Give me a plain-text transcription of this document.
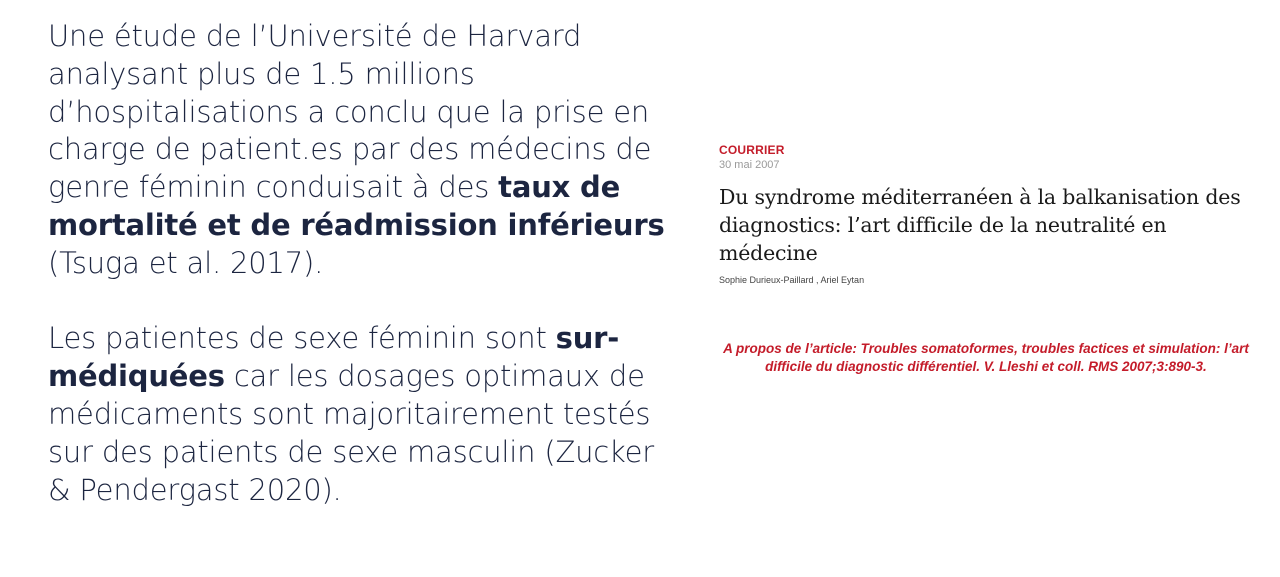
Une étude de l’Université de Harvard analysant plus de 1.5 millions d’hospitalisations a conclu que la prise en charge de patient.es par des médecins de genre féminin conduisait à des taux de mortalité et de réadmission inférieurs (Tsuga et al. 2017).

Les patientes de sexe féminin sont sur-médiquées car les dosages optimaux de médicaments sont majoritairement testés sur des patients de sexe masculin (Zucker & Pendergast 2020).

COURRIER
30 mai 2007
Du syndrome méditerranéen à la balkanisation des diagnostics: l’art difficile de la neutralité en médecine
Sophie Durieux-Paillard , Ariel Eytan
A propos de l’article: Troubles somatoformes, troubles factices et simulation: l’art difficile du diagnostic différentiel. V. Lleshi et coll. RMS 2007;3:890-3.
